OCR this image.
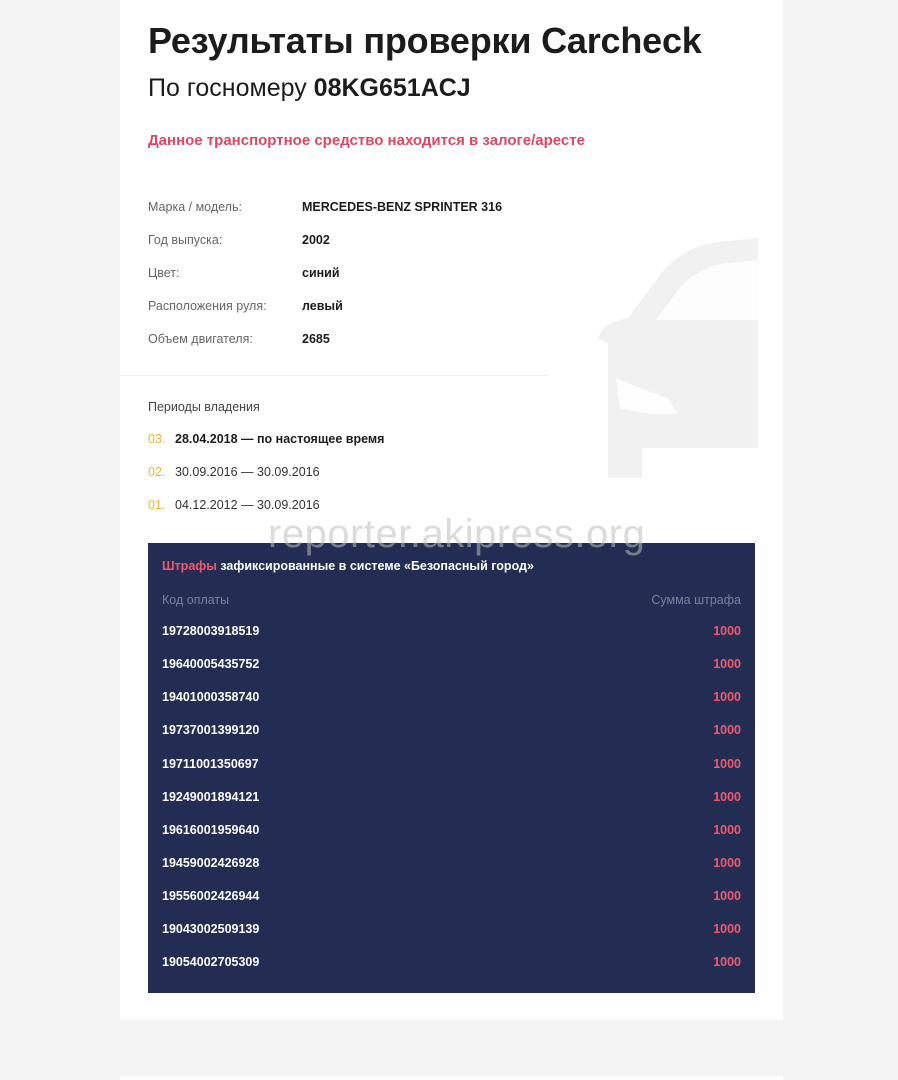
Результаты проверки Carcheck
По госномеру 08KG651ACJ
Данное транспортное средство находится в залоге/аресте
Марка / модель:	MERCEDES-BENZ SPRINTER 316
Год выпуска:	2002
Цвет:	синий
Расположения руля:	левый
Объем двигателя:	2685
Периоды владения
03. 28.04.2018 — по настоящее время
02. 30.09.2016 — 30.09.2016
01. 04.12.2012 — 30.09.2016
Штрафы зафиксированные в системе «Безопасный город»
Код оплаты	Сумма штрафа
19728003918519	1000
19640005435752	1000
19401000358740	1000
19737001399120	1000
19711001350697	1000
19249001894121	1000
19616001959640	1000
19459002426928	1000
19556002426944	1000
19043002509139	1000
19054002705309	1000
reporter.akipress.org
